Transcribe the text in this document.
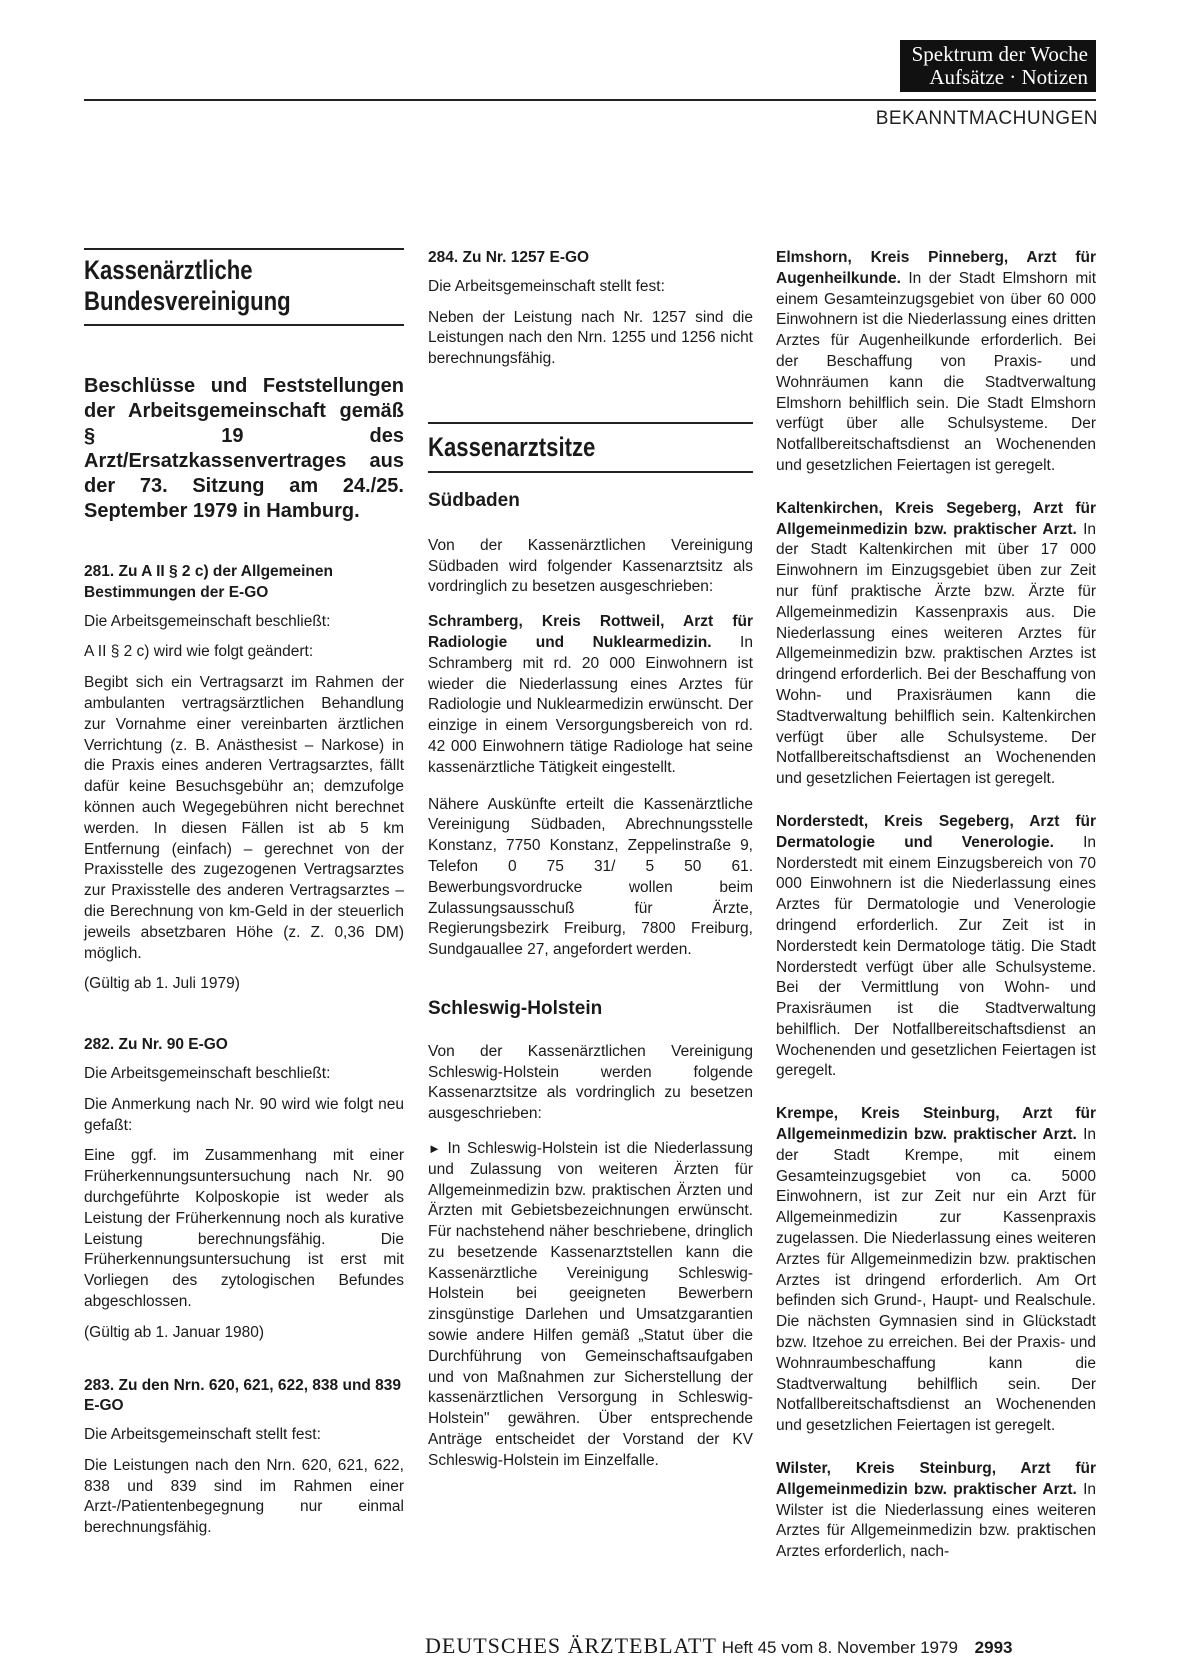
Spektrum der Woche
Aufsätze · Notizen
BEKANNTMACHUNGEN
Kassenärztliche
Bundesvereinigung

Beschlüsse und Feststellungen der Arbeitsgemeinschaft gemäß § 19 des Arzt/Ersatzkassenvertrages aus der 73. Sitzung am 24./25. September 1979 in Hamburg.

281. Zu A II § 2 c) der Allgemeinen Bestimmungen der E-GO

Die Arbeitsgemeinschaft beschließt:

A II § 2 c) wird wie folgt geändert:

Begibt sich ein Vertragsarzt im Rahmen der ambulanten vertragsärztlichen Behandlung zur Vornahme einer vereinbarten ärztlichen Verrichtung (z. B. Anästhesist – Narkose) in die Praxis eines anderen Vertragsarztes, fällt dafür keine Besuchsgebühr an; demzufolge können auch Wegegebühren nicht berechnet werden. In diesen Fällen ist ab 5 km Entfernung (einfach) – gerechnet von der Praxisstelle des zugezogenen Vertragsarztes zur Praxisstelle des anderen Vertragsarztes – die Berechnung von km-Geld in der steuerlich jeweils absetzbaren Höhe (z. Z. 0,36 DM) möglich.

(Gültig ab 1. Juli 1979)

282. Zu Nr. 90 E-GO

Die Arbeitsgemeinschaft beschließt:

Die Anmerkung nach Nr. 90 wird wie folgt neu gefaßt:

Eine ggf. im Zusammenhang mit einer Früherkennungsuntersuchung nach Nr. 90 durchgeführte Kolposkopie ist weder als Leistung der Früherkennung noch als kurative Leistung berechnungsfähig. Die Früherkennungsuntersuchung ist erst mit Vorliegen des zytologischen Befundes abgeschlossen.

(Gültig ab 1. Januar 1980)

283. Zu den Nrn. 620, 621, 622, 838 und 839 E-GO

Die Arbeitsgemeinschaft stellt fest:

Die Leistungen nach den Nrn. 620, 621, 622, 838 und 839 sind im Rahmen einer Arzt-/Patientenbegegnung nur einmal berechnungsfähig.

284. Zu Nr. 1257 E-GO

Die Arbeitsgemeinschaft stellt fest:

Neben der Leistung nach Nr. 1257 sind die Leistungen nach den Nrn. 1255 und 1256 nicht berechnungsfähig.

Kassenarztsitze

Südbaden

Von der Kassenärztlichen Vereinigung Südbaden wird folgender Kassenarztsitz als vordringlich zu besetzen ausgeschrieben:

Schramberg, Kreis Rottweil, Arzt für Radiologie und Nuklearmedizin. In Schramberg mit rd. 20 000 Einwohnern ist wieder die Niederlassung eines Arztes für Radiologie und Nuklearmedizin erwünscht. Der einzige in einem Versorgungsbereich von rd. 42 000 Einwohnern tätige Radiologe hat seine kassenärztliche Tätigkeit eingestellt.

Nähere Auskünfte erteilt die Kassenärztliche Vereinigung Südbaden, Abrechnungsstelle Konstanz, 7750 Konstanz, Zeppelinstraße 9, Telefon 0 75 31/ 5 50 61. Bewerbungsvordrucke wollen beim Zulassungsausschuß für Ärzte, Regierungsbezirk Freiburg, 7800 Freiburg, Sundgauallee 27, angefordert werden.

Schleswig-Holstein

Von der Kassenärztlichen Vereinigung Schleswig-Holstein werden folgende Kassenarztsitze als vordringlich zu besetzen ausgeschrieben:

► In Schleswig-Holstein ist die Niederlassung und Zulassung von weiteren Ärzten für Allgemeinmedizin bzw. praktischen Ärzten und Ärzten mit Gebietsbezeichnungen erwünscht. Für nachstehend näher beschriebene, dringlich zu besetzende Kassenarztstellen kann die Kassenärztliche Vereinigung Schleswig-Holstein bei geeigneten Bewerbern zinsgünstige Darlehen und Umsatzgarantien sowie andere Hilfen gemäß „Statut über die Durchführung von Gemeinschaftsaufgaben und von Maßnahmen zur Sicherstellung der kassenärztlichen Versorgung in Schleswig-Holstein" gewähren. Über entsprechende Anträge entscheidet der Vorstand der KV Schleswig-Holstein im Einzelfalle.

Elmshorn, Kreis Pinneberg, Arzt für Augenheilkunde. In der Stadt Elmshorn mit einem Gesamteinzugsgebiet von über 60 000 Einwohnern ist die Niederlassung eines dritten Arztes für Augenheilkunde erforderlich. Bei der Beschaffung von Praxis- und Wohnräumen kann die Stadtverwaltung Elmshorn behilflich sein. Die Stadt Elmshorn verfügt über alle Schulsysteme. Der Notfallbereitschaftsdienst an Wochenenden und gesetzlichen Feiertagen ist geregelt.

Kaltenkirchen, Kreis Segeberg, Arzt für Allgemeinmedizin bzw. praktischer Arzt. In der Stadt Kaltenkirchen mit über 17 000 Einwohnern im Einzugsgebiet üben zur Zeit nur fünf praktische Ärzte bzw. Ärzte für Allgemeinmedizin Kassenpraxis aus. Die Niederlassung eines weiteren Arztes für Allgemeinmedizin bzw. praktischen Arztes ist dringend erforderlich. Bei der Beschaffung von Wohn- und Praxisräumen kann die Stadtverwaltung behilflich sein. Kaltenkirchen verfügt über alle Schulsysteme. Der Notfallbereitschaftsdienst an Wochenenden und gesetzlichen Feiertagen ist geregelt.

Norderstedt, Kreis Segeberg, Arzt für Dermatologie und Venerologie. In Norderstedt mit einem Einzugsbereich von 70 000 Einwohnern ist die Niederlassung eines Arztes für Dermatologie und Venerologie dringend erforderlich. Zur Zeit ist in Norderstedt kein Dermatologe tätig. Die Stadt Norderstedt verfügt über alle Schulsysteme. Bei der Vermittlung von Wohn- und Praxisräumen ist die Stadtverwaltung behilflich. Der Notfallbereitschaftsdienst an Wochenenden und gesetzlichen Feiertagen ist geregelt.

Krempe, Kreis Steinburg, Arzt für Allgemeinmedizin bzw. praktischer Arzt. In der Stadt Krempe, mit einem Gesamteinzugsgebiet von ca. 5000 Einwohnern, ist zur Zeit nur ein Arzt für Allgemeinmedizin zur Kassenpraxis zugelassen. Die Niederlassung eines weiteren Arztes für Allgemeinmedizin bzw. praktischen Arztes ist dringend erforderlich. Am Ort befinden sich Grund-, Haupt- und Realschule. Die nächsten Gymnasien sind in Glückstadt bzw. Itzehoe zu erreichen. Bei der Praxis- und Wohnraumbeschaffung kann die Stadtverwaltung behilflich sein. Der Notfallbereitschaftsdienst an Wochenenden und gesetzlichen Feiertagen ist geregelt.

Wilster, Kreis Steinburg, Arzt für Allgemeinmedizin bzw. praktischer Arzt. In Wilster ist die Niederlassung eines weiteren Arztes für Allgemeinmedizin bzw. praktischen Arztes erforderlich, nach-

DEUTSCHES ÄRZTEBLATT Heft 45 vom 8. November 1979 2993
